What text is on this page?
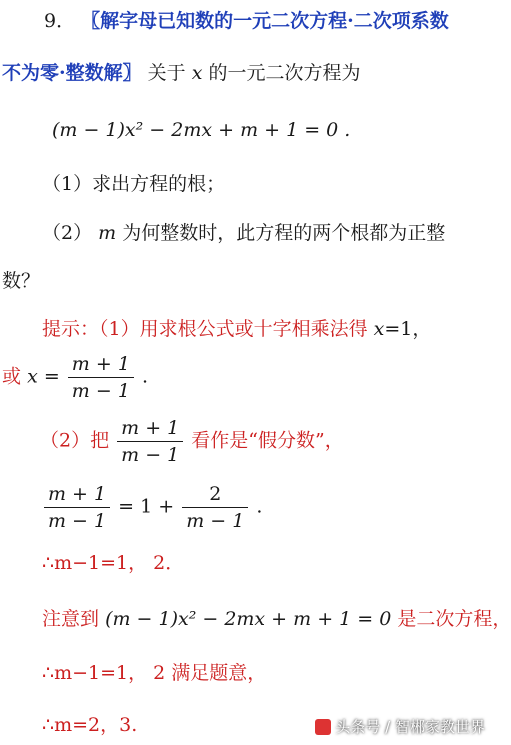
9． 〖解字母已知数的一元二次方程·二次项系数
不为零·整数解〗 关于 x 的一元二次方程为
(m − 1)x² − 2mx + m + 1 = 0 .
（1）求出方程的根；
（2） m 为何整数时，此方程的两个根都为正整
数？
提示：（1）用求根公式或十字相乘法得 x=1，
或 $x = \frac{m + 1}{m - 1}$ .
（2）把 $\frac{m + 1}{m - 1}$ 看作是“假分数”，
$\frac{m + 1}{m - 1} = 1 + \frac{2}{m - 1}$ .
∴m−1=1， 2．
注意到 (m − 1)x² − 2mx + m + 1 = 0 是二次方程，
∴m−1=1， 2 满足题意，
∴m=2，3.	头条号 / 智郴家教世界
